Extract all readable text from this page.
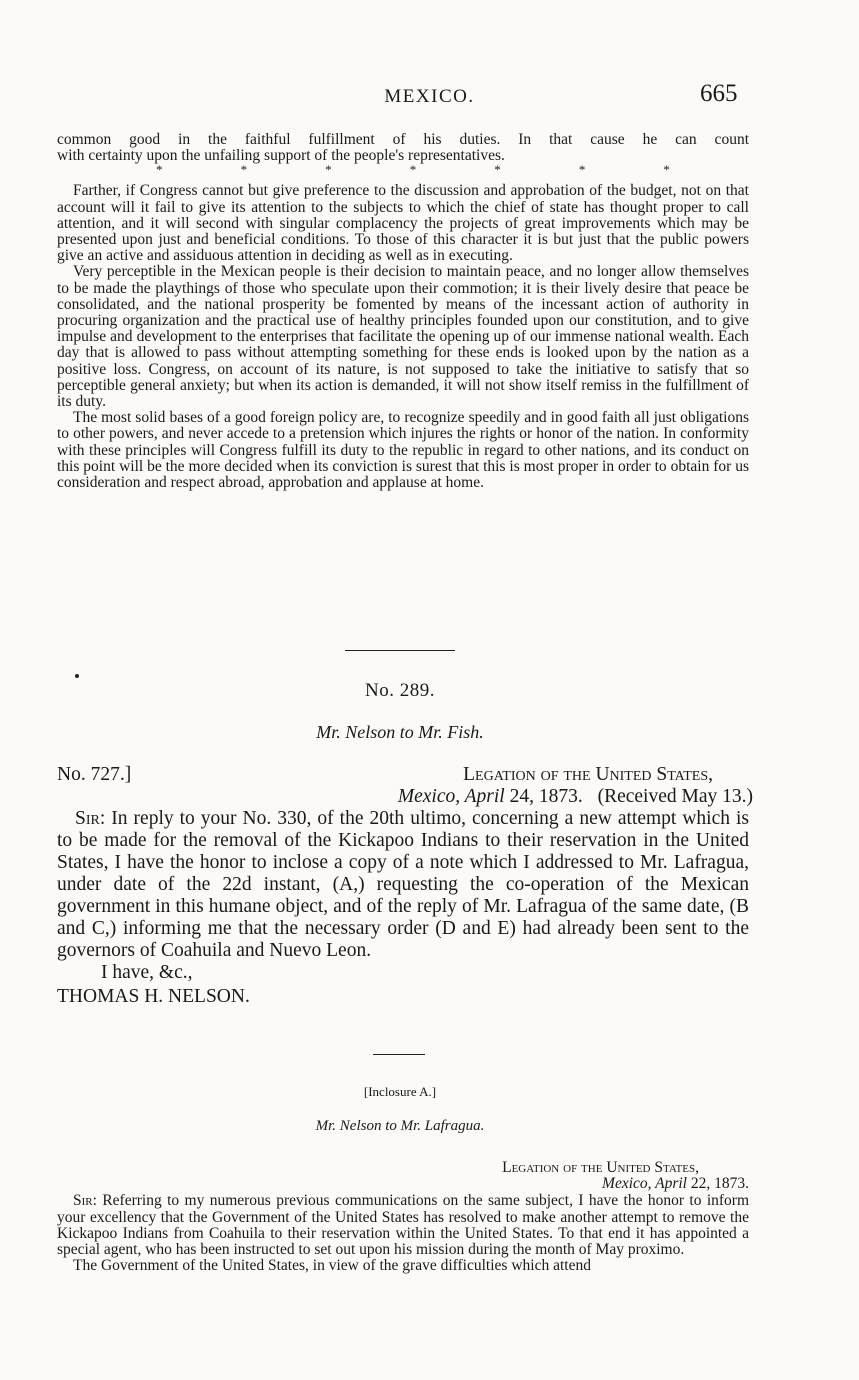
MEXICO.	665

common good in the faithful fulfillment of his duties. In that cause he can count

with certainty upon the unfailing support of the people's representatives.

*	*	*	*	*	*	*

Farther, if Congress cannot but give preference to the discussion and approbation of the budget, not on that account will it fail to give its attention to the subjects to which the chief of state has thought proper to call attention, and it will second with singular complacency the projects of great improvements which may be presented upon just and beneficial conditions. To those of this character it is but just that the public powers give an active and assiduous attention in deciding as well as in executing.

Very perceptible in the Mexican people is their decision to maintain peace, and no longer allow themselves to be made the playthings of those who speculate upon their commotion; it is their lively desire that peace be consolidated, and the national prosperity be fomented by means of the incessant action of authority in procuring organization and the practical use of healthy principles founded upon our constitution, and to give impulse and development to the enterprises that facilitate the opening up of our immense national wealth. Each day that is allowed to pass without attempting something for these ends is looked upon by the nation as a positive loss. Congress, on account of its nature, is not supposed to take the initiative to satisfy that so perceptible general anxiety; but when its action is demanded, it will not show itself remiss in the fulfillment of its duty.

The most solid bases of a good foreign policy are, to recognize speedily and in good faith all just obligations to other powers, and never accede to a pretension which injures the rights or honor of the nation. In conformity with these principles will Congress fulfill its duty to the republic in regard to other nations, and its conduct on this point will be the more decided when its conviction is surest that this is most proper in order to obtain for us consideration and respect abroad, approbation and applause at home.

No. 289.
Mr. Nelson to Mr. Fish.
No. 727.]	Legation of the United States,
Mexico, April 24, 1873. (Received May 13.)

Sir: In reply to your No. 330, of the 20th ultimo, concerning a new attempt which is to be made for the removal of the Kickapoo Indians to their reservation in the United States, I have the honor to inclose a copy of a note which I addressed to Mr. Lafragua, under date of the 22d instant, (A,) requesting the co-operation of the Mexican government in this humane object, and of the reply of Mr. Lafragua of the same date, (B and C,) informing me that the necessary order (D and E) had already been sent to the governors of Coahuila and Nuevo Leon.

I have, &c.,

THOMAS H. NELSON.

[Inclosure A.]
Mr. Nelson to Mr. Lafragua.

Legation of the United States,

Mexico, April 22, 1873.

Sir: Referring to my numerous previous communications on the same subject, I have the honor to inform your excellency that the Government of the United States has resolved to make another attempt to remove the Kickapoo Indians from Coahuila to their reservation within the United States. To that end it has appointed a special agent, who has been instructed to set out upon his mission during the month of May proximo.

The Government of the United States, in view of the grave difficulties which attend
